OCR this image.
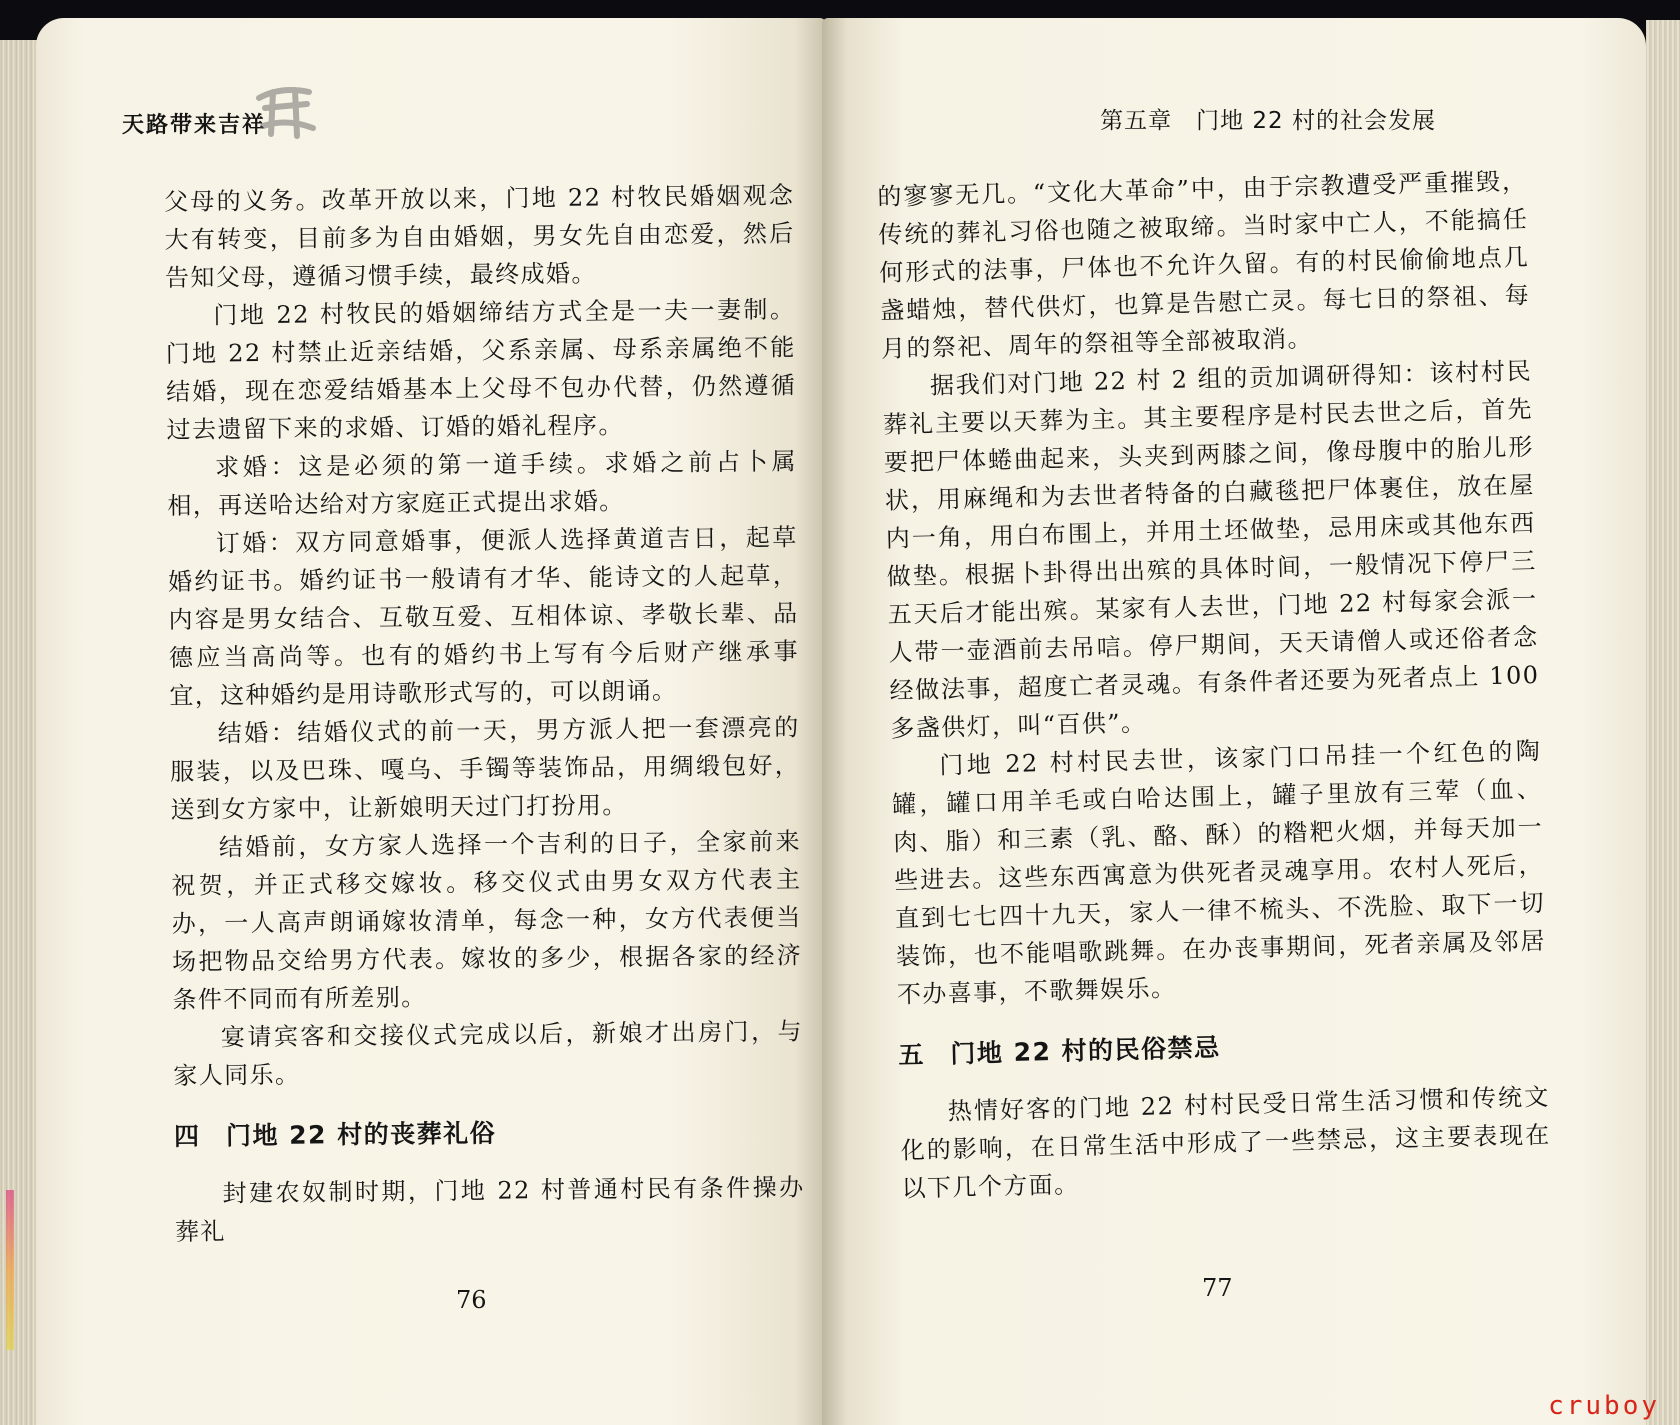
天路带来吉祥

父母的义务。改革开放以来，门地 22 村牧民婚姻观念大有转变，目前多为自由婚姻，男女先自由恋爱，然后告知父母，遵循习惯手续，最终成婚。

门地 22 村牧民的婚姻缔结方式全是一夫一妻制。门地 22 村禁止近亲结婚，父系亲属、母系亲属绝不能结婚，现在恋爱结婚基本上父母不包办代替，仍然遵循过去遗留下来的求婚、订婚的婚礼程序。

求婚：这是必须的第一道手续。求婚之前占卜属相，再送哈达给对方家庭正式提出求婚。

订婚：双方同意婚事，便派人选择黄道吉日，起草婚约证书。婚约证书一般请有才华、能诗文的人起草，内容是男女结合、互敬互爱、互相体谅、孝敬长辈、品德应当高尚等。也有的婚约书上写有今后财产继承事宜，这种婚约是用诗歌形式写的，可以朗诵。

结婚：结婚仪式的前一天，男方派人把一套漂亮的服装，以及巴珠、嘎乌、手镯等装饰品，用绸缎包好，送到女方家中，让新娘明天过门打扮用。

结婚前，女方家人选择一个吉利的日子，全家前来祝贺，并正式移交嫁妆。移交仪式由男女双方代表主办，一人高声朗诵嫁妆清单，每念一种，女方代表便当场把物品交给男方代表。嫁妆的多少，根据各家的经济条件不同而有所差别。

宴请宾客和交接仪式完成以后，新娘才出房门，与家人同乐。

四 门地 22 村的丧葬礼俗

封建农奴制时期，门地 22 村普通村民有条件操办葬礼

76
第五章　门地 22 村的社会发展

的寥寥无几。“文化大革命”中，由于宗教遭受严重摧毁，传统的葬礼习俗也随之被取缔。当时家中亡人，不能搞任何形式的法事，尸体也不允许久留。有的村民偷偷地点几盏蜡烛，替代供灯，也算是告慰亡灵。每七日的祭祖、每月的祭祀、周年的祭祖等全部被取消。

据我们对门地 22 村 2 组的贡加调研得知：该村村民葬礼主要以天葬为主。其主要程序是村民去世之后，首先要把尸体蜷曲起来，头夹到两膝之间，像母腹中的胎儿形状，用麻绳和为去世者特备的白藏毯把尸体裹住，放在屋内一角，用白布围上，并用土坯做垫，忌用床或其他东西做垫。根据卜卦得出出殡的具体时间，一般情况下停尸三五天后才能出殡。某家有人去世，门地 22 村每家会派一人带一壶酒前去吊唁。停尸期间，天天请僧人或还俗者念经做法事，超度亡者灵魂。有条件者还要为死者点上 100 多盏供灯，叫“百供”。

门地 22 村村民去世，该家门口吊挂一个红色的陶罐，罐口用羊毛或白哈达围上，罐子里放有三荤（血、肉、脂）和三素（乳、酪、酥）的糌粑火烟，并每天加一些进去。这些东西寓意为供死者灵魂享用。农村人死后，直到七七四十九天，家人一律不梳头、不洗脸、取下一切装饰，也不能唱歌跳舞。在办丧事期间，死者亲属及邻居不办喜事，不歌舞娱乐。

五 门地 22 村的民俗禁忌

热情好客的门地 22 村村民受日常生活习惯和传统文化的影响，在日常生活中形成了一些禁忌，这主要表现在以下几个方面。

77
cruboy
